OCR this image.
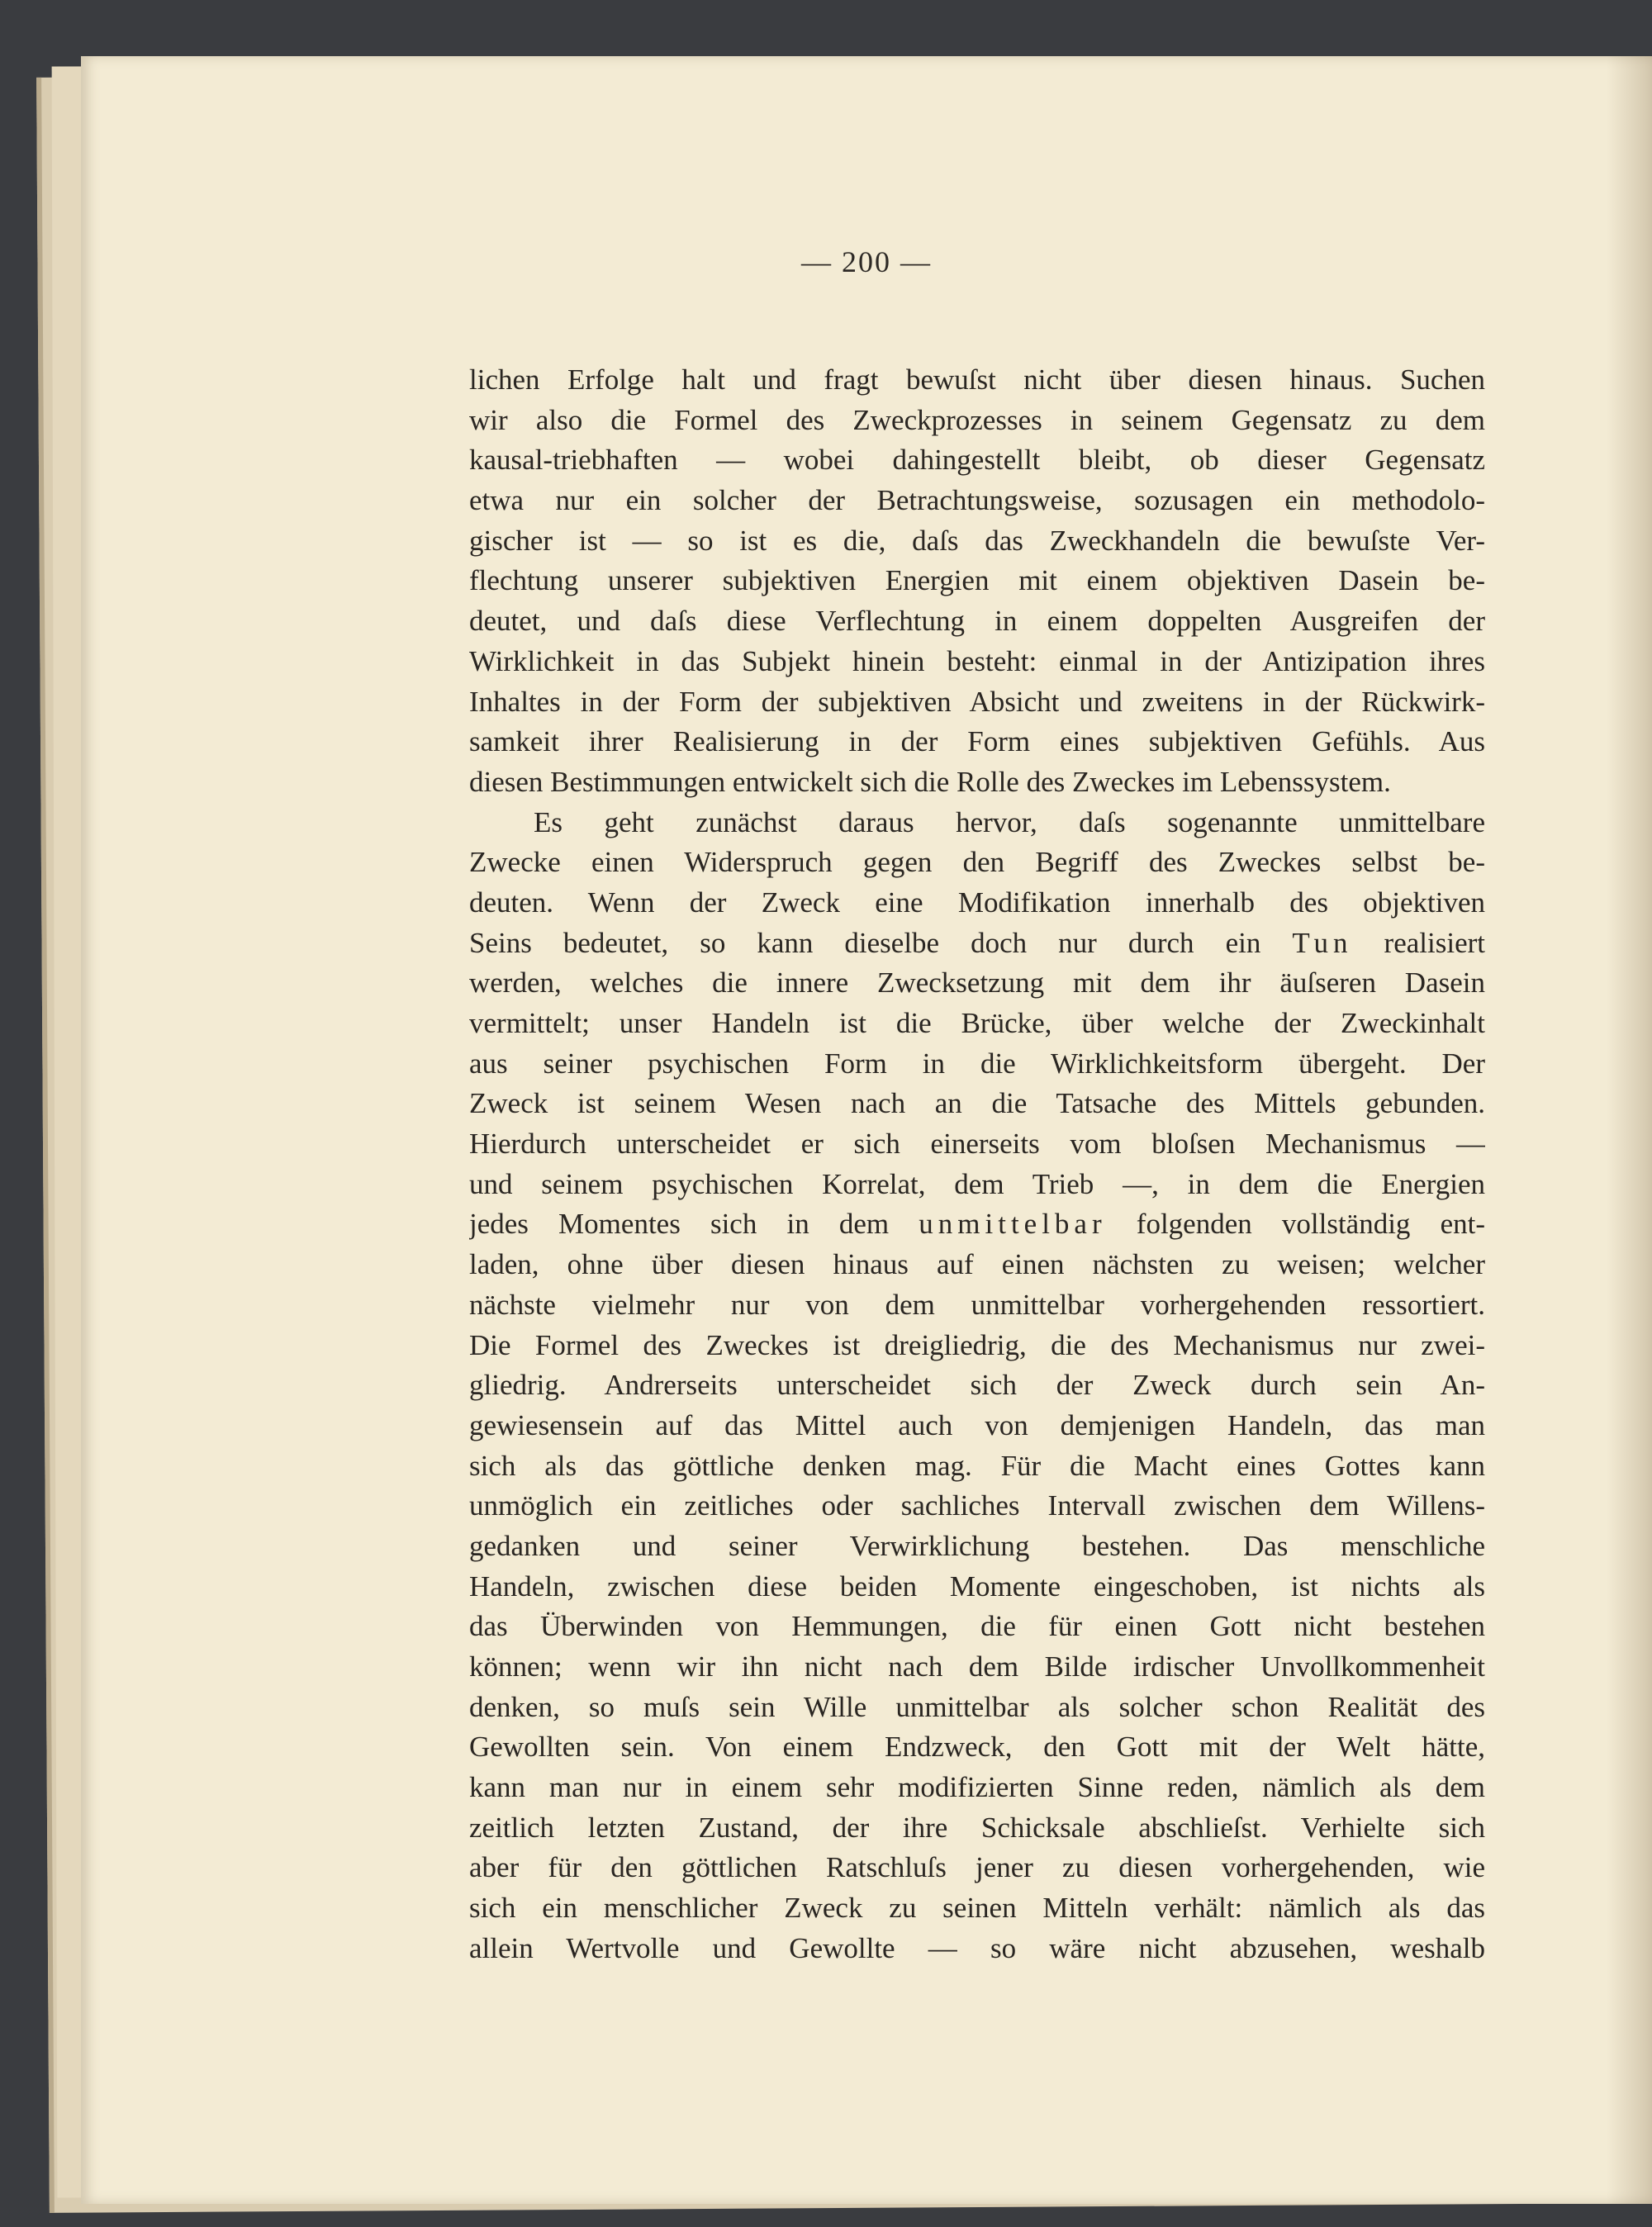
— 200 —
lichen Erfolge halt und fragt bewuſst nicht über diesen hinaus. Suchen
wir also die Formel des Zweckprozesses in seinem Gegensatz zu dem
kausal-triebhaften — wobei dahingestellt bleibt, ob dieser Gegensatz
etwa nur ein solcher der Betrachtungsweise, sozusagen ein methodolo-
gischer ist — so ist es die, daſs das Zweckhandeln die bewuſste Ver-
flechtung unserer subjektiven Energien mit einem objektiven Dasein be-
deutet, und daſs diese Verflechtung in einem doppelten Ausgreifen der
Wirklichkeit in das Subjekt hinein besteht: einmal in der Antizipation ihres
Inhaltes in der Form der subjektiven Absicht und zweitens in der Rückwirk-
samkeit ihrer Realisierung in der Form eines subjektiven Gefühls. Aus
diesen Bestimmungen entwickelt sich die Rolle des Zweckes im Lebenssystem.
Es geht zunächst daraus hervor, daſs sogenannte unmittelbare
Zwecke einen Widerspruch gegen den Begriff des Zweckes selbst be-
deuten. Wenn der Zweck eine Modifikation innerhalb des objektiven
Seins bedeutet, so kann dieselbe doch nur durch ein Tun realisiert
werden, welches die innere Zwecksetzung mit dem ihr äuſseren Dasein
vermittelt; unser Handeln ist die Brücke, über welche der Zweckinhalt
aus seiner psychischen Form in die Wirklichkeitsform übergeht. Der
Zweck ist seinem Wesen nach an die Tatsache des Mittels gebunden.
Hierdurch unterscheidet er sich einerseits vom bloſsen Mechanismus —
und seinem psychischen Korrelat, dem Trieb —, in dem die Energien
jedes Momentes sich in dem unmittelbar folgenden vollständig ent-
laden, ohne über diesen hinaus auf einen nächsten zu weisen; welcher
nächste vielmehr nur von dem unmittelbar vorhergehenden ressortiert.
Die Formel des Zweckes ist dreigliedrig, die des Mechanismus nur zwei-
gliedrig. Andrerseits unterscheidet sich der Zweck durch sein An-
gewiesensein auf das Mittel auch von demjenigen Handeln, das man
sich als das göttliche denken mag. Für die Macht eines Gottes kann
unmöglich ein zeitliches oder sachliches Intervall zwischen dem Willens-
gedanken und seiner Verwirklichung bestehen. Das menschliche
Handeln, zwischen diese beiden Momente eingeschoben, ist nichts als
das Überwinden von Hemmungen, die für einen Gott nicht bestehen
können; wenn wir ihn nicht nach dem Bilde irdischer Unvollkommenheit
denken, so muſs sein Wille unmittelbar als solcher schon Realität des
Gewollten sein. Von einem Endzweck, den Gott mit der Welt hätte,
kann man nur in einem sehr modifizierten Sinne reden, nämlich als dem
zeitlich letzten Zustand, der ihre Schicksale abschlieſst. Verhielte sich
aber für den göttlichen Ratschluſs jener zu diesen vorhergehenden, wie
sich ein menschlicher Zweck zu seinen Mitteln verhält: nämlich als das
allein Wertvolle und Gewollte — so wäre nicht abzusehen, weshalb
